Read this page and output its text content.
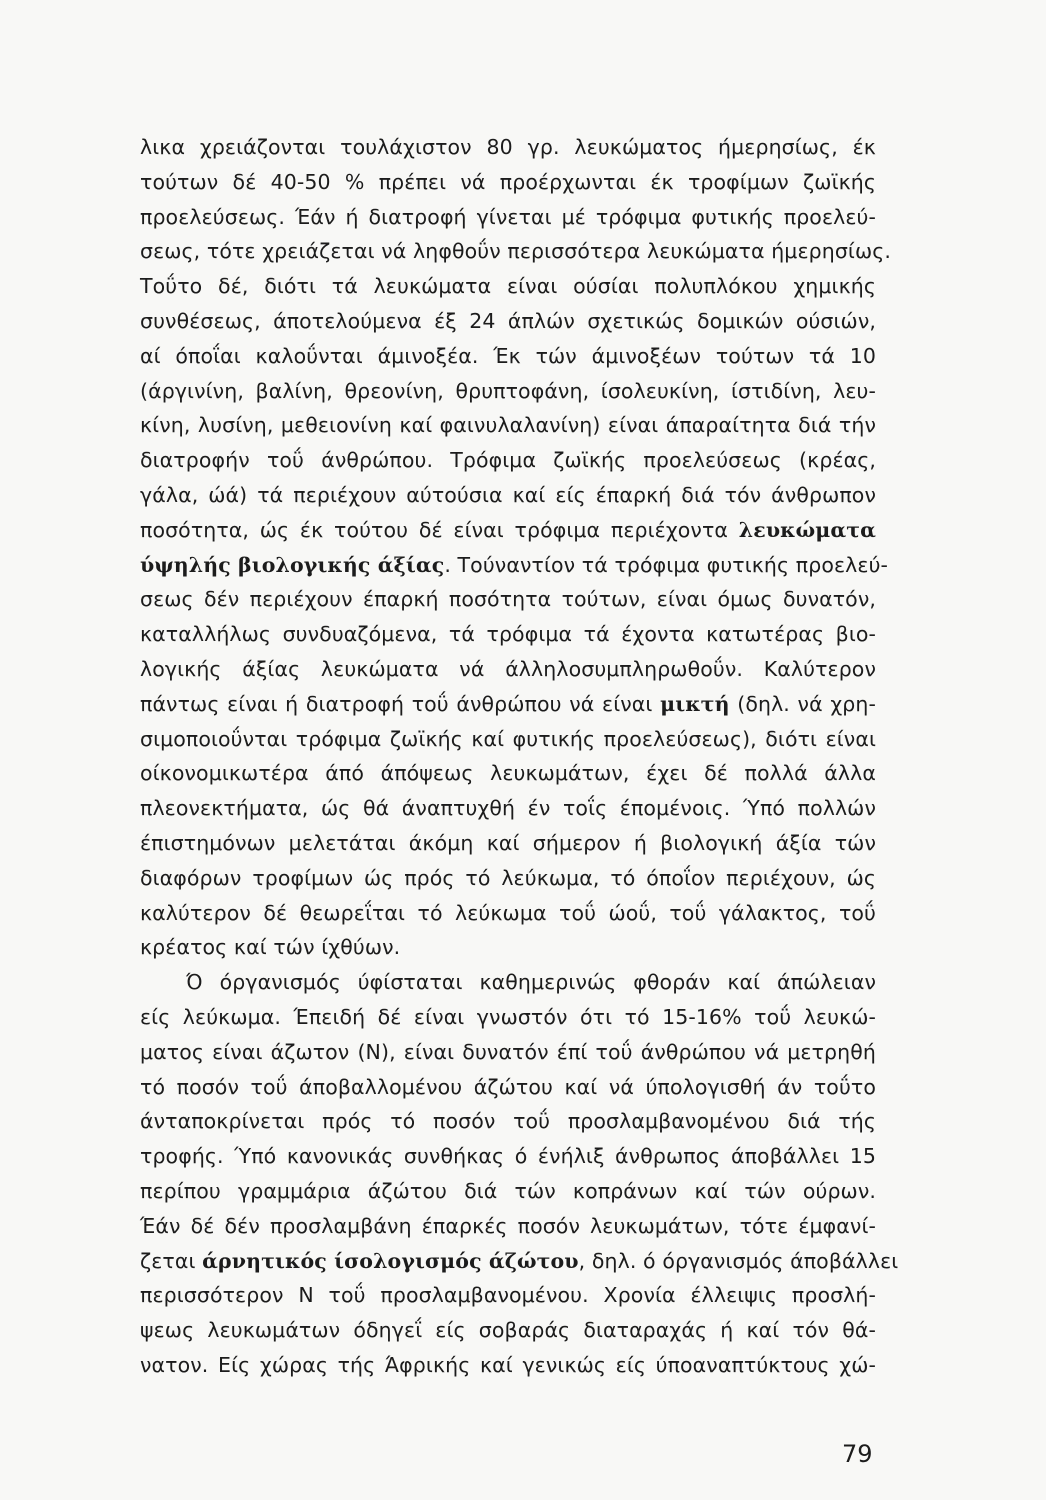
λικα χρειάζονται τουλάχιστον 80 γρ. λευκώματος ήμερησίως, έκ
τούτων δέ 40-50 % πρέπει νά προέρχωνται έκ τροφίμων ζωϊκής
προελεύσεως. Έάν ή διατροφή γίνεται μέ τρόφιμα φυτικής προελεύ-
σεως, τότε χρειάζεται νά ληφθοΰν περισσότερα λευκώματα ήμερησίως.
Τοΰτο δέ, διότι τά λευκώματα είναι ούσίαι πολυπλόκου χημικής
συνθέσεως, άποτελούμενα έξ 24 άπλών σχετικώς δομικών ούσιών,
αί όποΐαι καλοΰνται άμινοξέα. Έκ τών άμινοξέων τούτων τά 10
(άργινίνη, βαλίνη, θρεονίνη, θρυπτοφάνη, ίσολευκίνη, ίστιδίνη, λευ-
κίνη, λυσίνη, μεθειονίνη καί φαινυλαλανίνη) είναι άπαραίτητα διά τήν
διατροφήν τοΰ άνθρώπου. Τρόφιμα ζωϊκής προελεύσεως (κρέας,
γάλα, ώά) τά περιέχουν αύτούσια καί είς έπαρκή διά τόν άνθρωπον
ποσότητα, ώς έκ τούτου δέ είναι τρόφιμα περιέχοντα λευκώματα
ύψηλής βιολογικής άξίας. Τούναντίον τά τρόφιμα φυτικής προελεύ-
σεως δέν περιέχουν έπαρκή ποσότητα τούτων, είναι όμως δυνατόν,
καταλλήλως συνδυαζόμενα, τά τρόφιμα τά έχοντα κατωτέρας βιο-
λογικής άξίας λευκώματα νά άλληλοσυμπληρωθοΰν. Καλύτερον
πάντως είναι ή διατροφή τοΰ άνθρώπου νά είναι μικτή (δηλ. νά χρη-
σιμοποιοΰνται τρόφιμα ζωϊκής καί φυτικής προελεύσεως), διότι είναι
οίκονομικωτέρα άπό άπόψεως λευκωμάτων, έχει δέ πολλά άλλα
πλεονεκτήματα, ώς θά άναπτυχθή έν τοΐς έπομένοις. Ύπό πολλών
έπιστημόνων μελετάται άκόμη καί σήμερον ή βιολογική άξία τών
διαφόρων τροφίμων ώς πρός τό λεύκωμα, τό όποΐον περιέχουν, ώς
καλύτερον δέ θεωρεΐται τό λεύκωμα τοΰ ώοΰ, τοΰ γάλακτος, τοΰ
κρέατος καί τών ίχθύων.
Ό όργανισμός ύφίσταται καθημερινώς φθοράν καί άπώλειαν
είς λεύκωμα. Έπειδή δέ είναι γνωστόν ότι τό 15-16% τοΰ λευκώ-
ματος είναι άζωτον (Ν), είναι δυνατόν έπί τοΰ άνθρώπου νά μετρηθή
τό ποσόν τοΰ άποβαλλομένου άζώτου καί νά ύπολογισθή άν τοΰτο
άνταποκρίνεται πρός τό ποσόν τοΰ προσλαμβανομένου διά τής
τροφής. Ύπό κανονικάς συνθήκας ό ένήλιξ άνθρωπος άποβάλλει 15
περίπου γραμμάρια άζώτου διά τών κοπράνων καί τών ούρων.
Έάν δέ δέν προσλαμβάνη έπαρκές ποσόν λευκωμάτων, τότε έμφανί-
ζεται άρνητικός ίσολογισμός άζώτου, δηλ. ό όργανισμός άποβάλλει
περισσότερον Ν τοΰ προσλαμβανομένου. Χρονία έλλειψις προσλή-
ψεως λευκωμάτων όδηγεΐ είς σοβαράς διαταραχάς ή καί τόν θά-
νατον. Είς χώρας τής Άφρικής καί γενικώς είς ύποαναπτύκτους χώ-
79
